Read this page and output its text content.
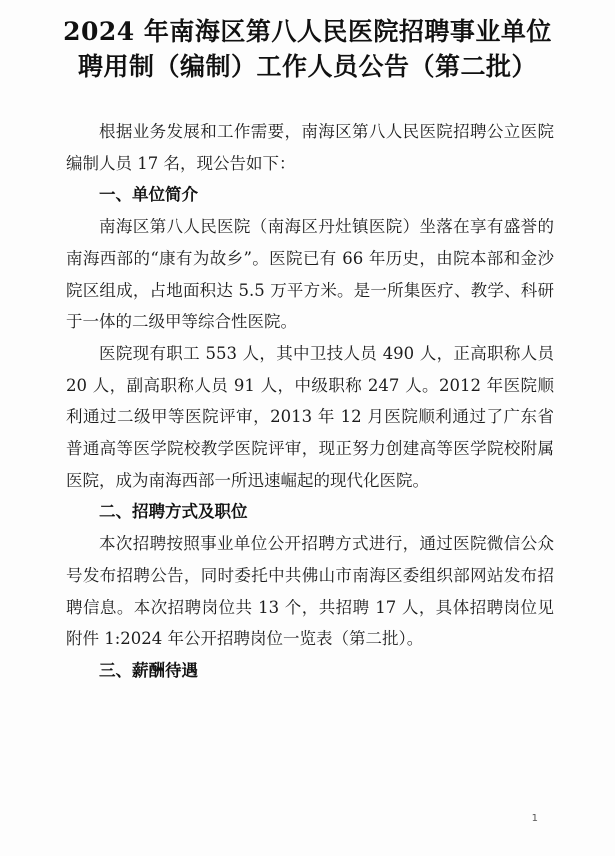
2024 年南海区第八人民医院招聘事业单位
聘用制（编制）工作人员公告（第二批）

根据业务发展和工作需要，南海区第八人民医院招聘公立医院编制人员 17 名，现公告如下：

一、单位简介

南海区第八人民医院（南海区丹灶镇医院）坐落在享有盛誉的南海西部的“康有为故乡”。医院已有 66 年历史，由院本部和金沙院区组成，占地面积达 5.5 万平方米。是一所集医疗、教学、科研于一体的二级甲等综合性医院。

医院现有职工 553 人，其中卫技人员 490 人，正高职称人员 20 人，副高职称人员 91 人，中级职称 247 人。2012 年医院顺利通过二级甲等医院评审，2013 年 12 月医院顺利通过了广东省普通高等医学院校教学医院评审，现正努力创建高等医学院校附属医院，成为南海西部一所迅速崛起的现代化医院。

二、招聘方式及职位

本次招聘按照事业单位公开招聘方式进行，通过医院微信公众号发布招聘公告，同时委托中共佛山市南海区委组织部网站发布招聘信息。本次招聘岗位共 13 个，共招聘 17 人，具体招聘岗位见附件 1:2024 年公开招聘岗位一览表（第二批）。

三、薪酬待遇

1
